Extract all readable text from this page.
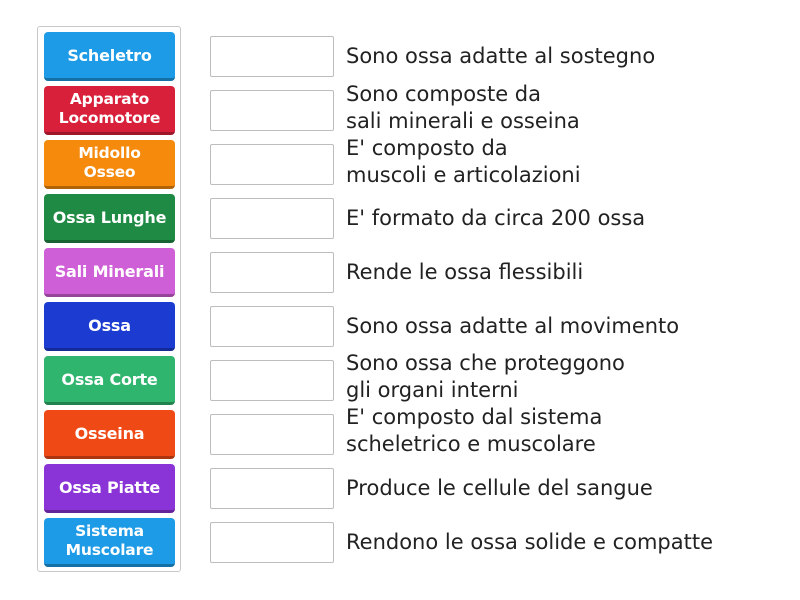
Scheletro
Apparato
Locomotore
Midollo
Osseo
Ossa Lunghe
Sali Minerali
Ossa
Ossa Corte
Osseina
Ossa Piatte
Sistema
Muscolare
Sono ossa adatte al sostegno
Sono composte da
sali minerali e osseina
E' composto da
muscoli e articolazioni
E' formato da circa 200 ossa
Rende le ossa flessibili
Sono ossa adatte al movimento
Sono ossa che proteggono
gli organi interni
E' composto dal sistema
scheletrico e muscolare
Produce le cellule del sangue
Rendono le ossa solide e compatte
